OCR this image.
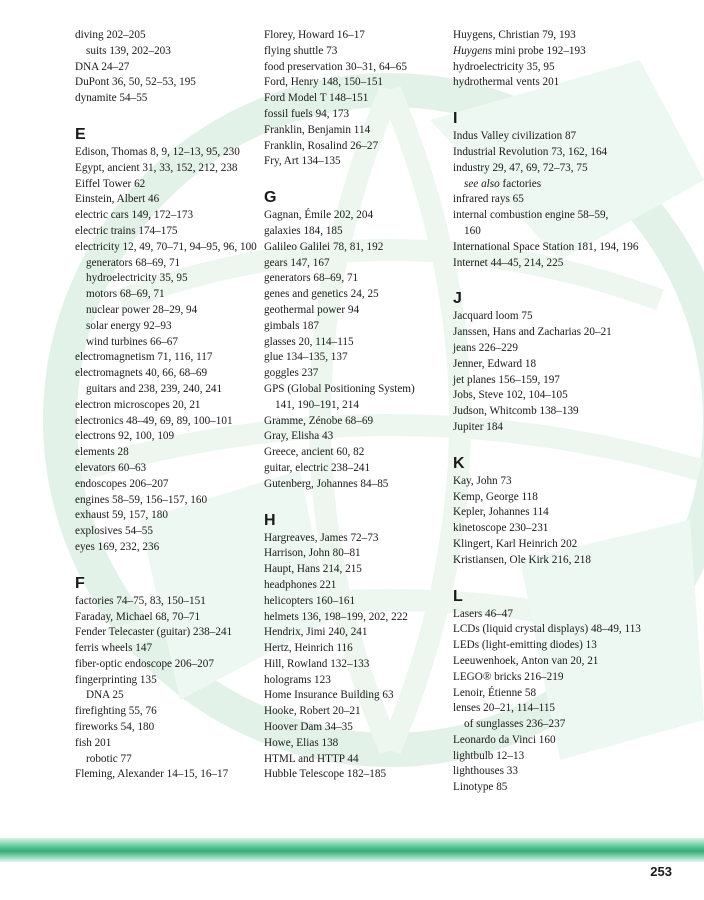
diving 202–205
suits 139, 202–203
DNA 24–27
DuPont 36, 50, 52–53, 195
dynamite 54–55
E
Edison, Thomas 8, 9, 12–13, 95, 230
Egypt, ancient 31, 33, 152, 212, 238
Eiffel Tower 62
Einstein, Albert 46
electric cars 149, 172–173
electric trains 174–175
electricity 12, 49, 70–71, 94–95, 96, 100
generators 68–69, 71
hydroelectricity 35, 95
motors 68–69, 71
nuclear power 28–29, 94
solar energy 92–93
wind turbines 66–67
electromagnetism 71, 116, 117
electromagnets 40, 66, 68–69
guitars and 238, 239, 240, 241
electron microscopes 20, 21
electronics 48–49, 69, 89, 100–101
electrons 92, 100, 109
elements 28
elevators 60–63
endoscopes 206–207
engines 58–59, 156–157, 160
exhaust 59, 157, 180
explosives 54–55
eyes 169, 232, 236
F
factories 74–75, 83, 150–151
Faraday, Michael 68, 70–71
Fender Telecaster (guitar) 238–241
ferris wheels 147
fiber-optic endoscope 206–207
fingerprinting 135
DNA 25
firefighting 55, 76
fireworks 54, 180
fish 201
robotic 77
Fleming, Alexander 14–15, 16–17
Florey, Howard 16–17
flying shuttle 73
food preservation 30–31, 64–65
Ford, Henry 148, 150–151
Ford Model T 148–151
fossil fuels 94, 173
Franklin, Benjamin 114
Franklin, Rosalind 26–27
Fry, Art 134–135
G
Gagnan, Émile 202, 204
galaxies 184, 185
Galileo Galilei 78, 81, 192
gears 147, 167
generators 68–69, 71
genes and genetics 24, 25
geothermal power 94
gimbals 187
glasses 20, 114–115
glue 134–135, 137
goggles 237
GPS (Global Positioning System)
141, 190–191, 214
Gramme, Zénobe 68–69
Gray, Elisha 43
Greece, ancient 60, 82
guitar, electric 238–241
Gutenberg, Johannes 84–85
H
Hargreaves, James 72–73
Harrison, John 80–81
Haupt, Hans 214, 215
headphones 221
helicopters 160–161
helmets 136, 198–199, 202, 222
Hendrix, Jimi 240, 241
Hertz, Heinrich 116
Hill, Rowland 132–133
holograms 123
Home Insurance Building 63
Hooke, Robert 20–21
Hoover Dam 34–35
Howe, Elias 138
HTML and HTTP 44
Hubble Telescope 182–185
Huygens, Christian 79, 193
Huygens mini probe 192–193
hydroelectricity 35, 95
hydrothermal vents 201
I
Indus Valley civilization 87
Industrial Revolution 73, 162, 164
industry 29, 47, 69, 72–73, 75
see also factories
infrared rays 65
internal combustion engine 58–59,
160
International Space Station 181, 194, 196
Internet 44–45, 214, 225
J
Jacquard loom 75
Janssen, Hans and Zacharias 20–21
jeans 226–229
Jenner, Edward 18
jet planes 156–159, 197
Jobs, Steve 102, 104–105
Judson, Whitcomb 138–139
Jupiter 184
K
Kay, John 73
Kemp, George 118
Kepler, Johannes 114
kinetoscope 230–231
Klingert, Karl Heinrich 202
Kristiansen, Ole Kirk 216, 218
L
Lasers 46–47
LCDs (liquid crystal displays) 48–49, 113
LEDs (light-emitting diodes) 13
Leeuwenhoek, Anton van 20, 21
LEGO® bricks 216–219
Lenoir, Étienne 58
lenses 20–21, 114–115
of sunglasses 236–237
Leonardo da Vinci 160
lightbulb 12–13
lighthouses 33
Linotype 85
253
